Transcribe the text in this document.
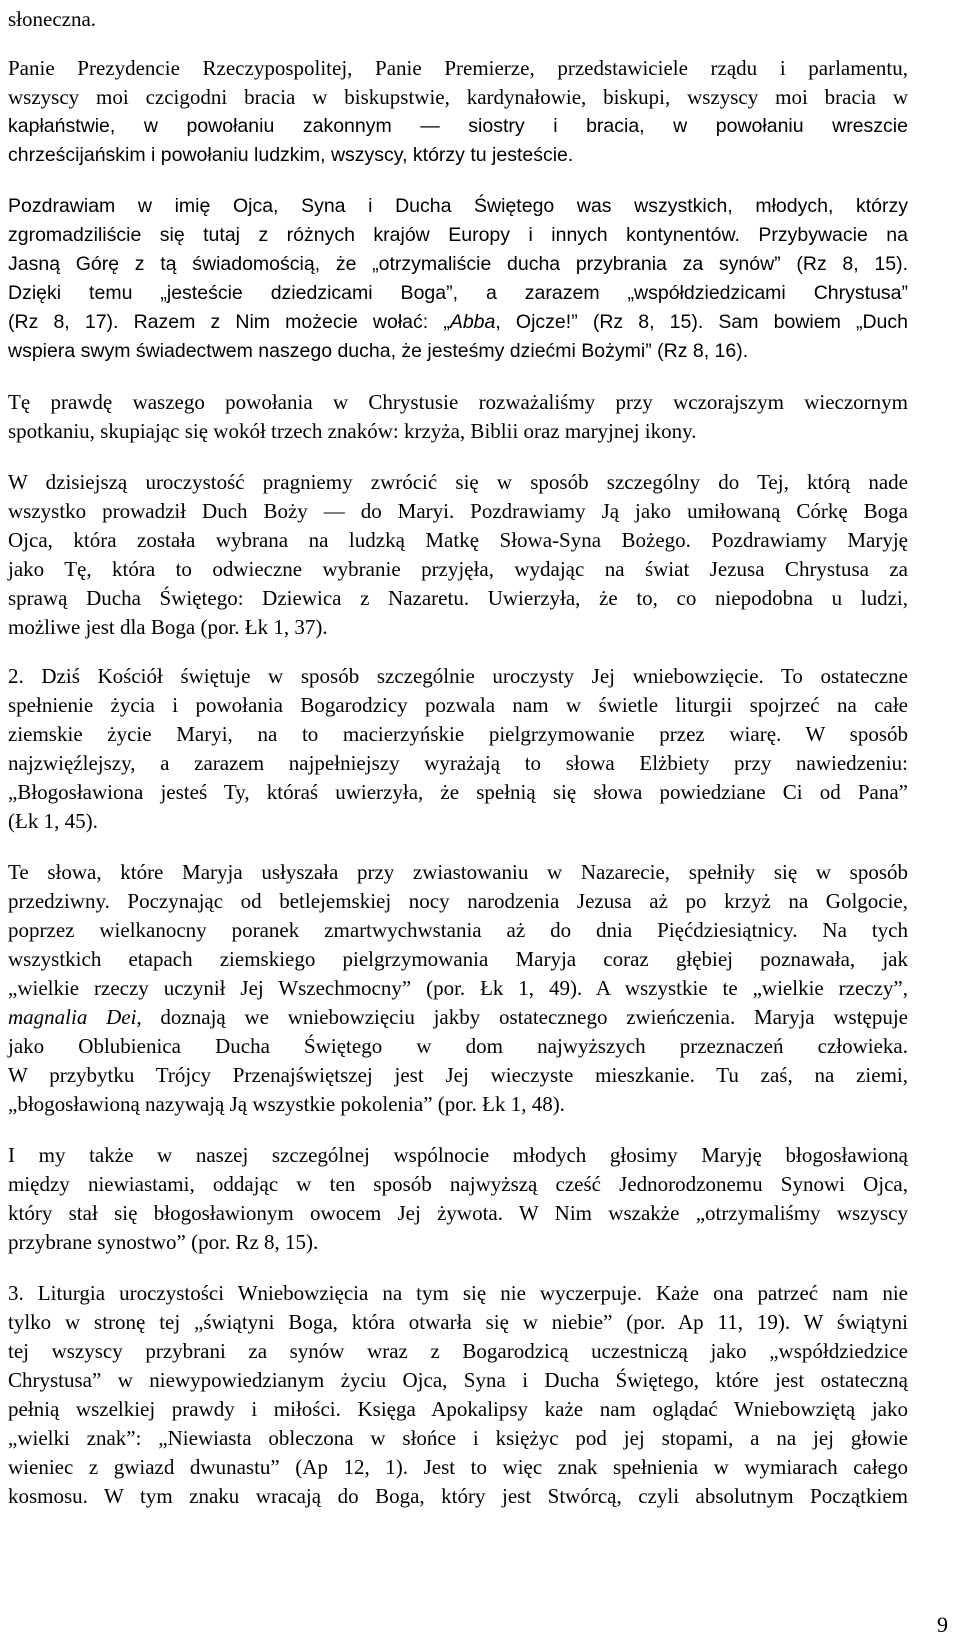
9
słoneczna.
Panie Prezydencie Rzeczypospolitej, Panie Premierze, przedstawiciele rządu i parlamentu,
wszyscy moi czcigodni bracia w biskupstwie, kardynałowie, biskupi, wszyscy moi bracia w
kapłaństwie, w powołaniu zakonnym — siostry i bracia, w powołaniu wreszcie
chrześcijańskim i powołaniu ludzkim, wszyscy, którzy tu jesteście.
Pozdrawiam w imię Ojca, Syna i Ducha Świętego was wszystkich, młodych, którzy
zgromadziliście się tutaj z różnych krajów Europy i innych kontynentów. Przybywacie na
Jasną Górę z tą świadomością, że „otrzymaliście ducha przybrania za synów” (Rz 8, 15).
Dzięki temu „jesteście dziedzicami Boga”, a zarazem „współdziedzicami Chrystusa”
(Rz 8, 17). Razem z Nim możecie wołać: „Abba, Ojcze!” (Rz 8, 15). Sam bowiem „Duch
wspiera swym świadectwem naszego ducha, że jesteśmy dziećmi Bożymi” (Rz 8, 16).
Tę prawdę waszego powołania w Chrystusie rozważaliśmy przy wczorajszym wieczornym
spotkaniu, skupiając się wokół trzech znaków: krzyża, Biblii oraz maryjnej ikony.
W dzisiejszą uroczystość pragniemy zwrócić się w sposób szczególny do Tej, którą nade
wszystko prowadził Duch Boży — do Maryi. Pozdrawiamy Ją jako umiłowaną Córkę Boga
Ojca, która została wybrana na ludzką Matkę Słowa-Syna Bożego. Pozdrawiamy Maryję
jako Tę, która to odwieczne wybranie przyjęła, wydając na świat Jezusa Chrystusa za
sprawą Ducha Świętego: Dziewica z Nazaretu. Uwierzyła, że to, co niepodobna u ludzi,
możliwe jest dla Boga (por. Łk 1, 37).
2. Dziś Kościół świętuje w sposób szczególnie uroczysty Jej wniebowzięcie. To ostateczne
spełnienie życia i powołania Bogarodzicy pozwala nam w świetle liturgii spojrzeć na całe
ziemskie życie Maryi, na to macierzyńskie pielgrzymowanie przez wiarę. W sposób
najzwięźlejszy, a zarazem najpełniejszy wyrażają to słowa Elżbiety przy nawiedzeniu:
„Błogosławiona jesteś Ty, któraś uwierzyła, że spełnią się słowa powiedziane Ci od Pana”
(Łk 1, 45).
Te słowa, które Maryja usłyszała przy zwiastowaniu w Nazarecie, spełniły się w sposób
przedziwny. Poczynając od betlejemskiej nocy narodzenia Jezusa aż po krzyż na Golgocie,
poprzez wielkanocny poranek zmartwychwstania aż do dnia Pięćdziesiątnicy. Na tych
wszystkich etapach ziemskiego pielgrzymowania Maryja coraz głębiej poznawała, jak
„wielkie rzeczy uczynił Jej Wszechmocny” (por. Łk 1, 49). A wszystkie te „wielkie rzeczy”,
magnalia Dei, doznają we wniebowzięciu jakby ostatecznego zwieńczenia. Maryja wstępuje
jako Oblubienica Ducha Świętego w dom najwyższych przeznaczeń człowieka.
W przybytku Trójcy Przenajświętszej jest Jej wieczyste mieszkanie. Tu zaś, na ziemi,
„błogosławioną nazywają Ją wszystkie pokolenia” (por. Łk 1, 48).
I my także w naszej szczególnej wspólnocie młodych głosimy Maryję błogosławioną
między niewiastami, oddając w ten sposób najwyższą cześć Jednorodzonemu Synowi Ojca,
który stał się błogosławionym owocem Jej żywota. W Nim wszakże „otrzymaliśmy wszyscy
przybrane synostwo” (por. Rz 8, 15).
3. Liturgia uroczystości Wniebowzięcia na tym się nie wyczerpuje. Każe ona patrzeć nam nie
tylko w stronę tej „świątyni Boga, która otwarła się w niebie” (por. Ap 11, 19). W świątyni
tej wszyscy przybrani za synów wraz z Bogarodzicą uczestniczą jako „współdziedzice
Chrystusa” w niewypowiedzianym życiu Ojca, Syna i Ducha Świętego, które jest ostateczną
pełnią wszelkiej prawdy i miłości. Księga Apokalipsy każe nam oglądać Wniebowziętą jako
„wielki znak”: „Niewiasta obleczona w słońce i księżyc pod jej stopami, a na jej głowie
wieniec z gwiazd dwunastu” (Ap 12, 1). Jest to więc znak spełnienia w wymiarach całego
kosmosu. W tym znaku wracają do Boga, który jest Stwórcą, czyli absolutnym Początkiem
